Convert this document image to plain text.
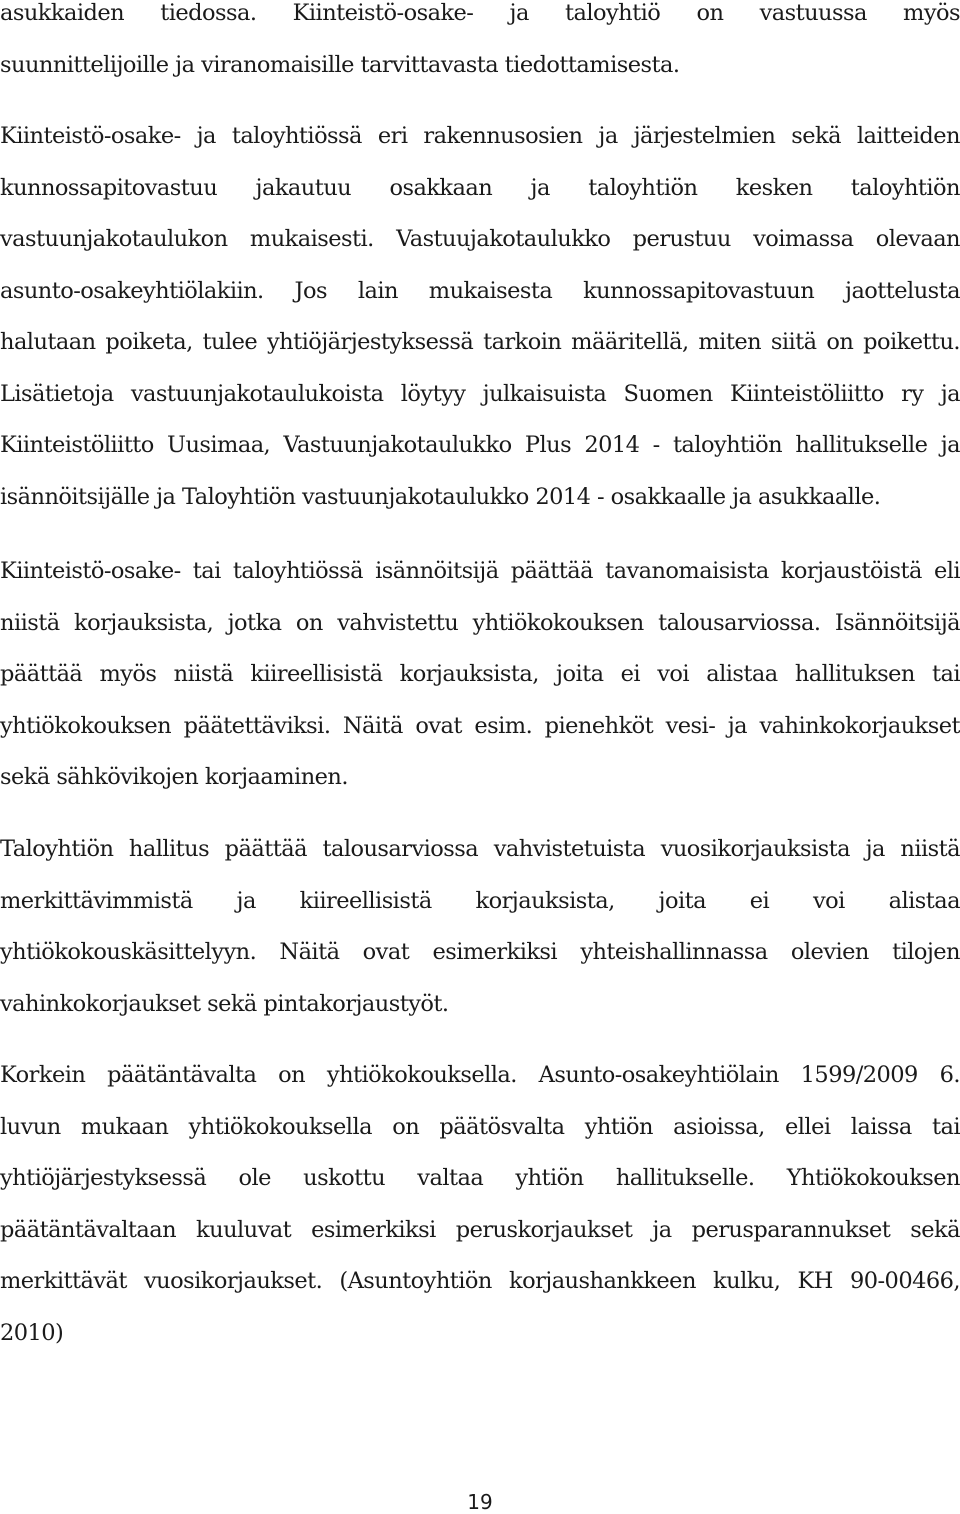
asukkaiden tiedossa. Kiinteistö-osake- ja taloyhtiö on vastuussa myös
suunnittelijoille ja viranomaisille tarvittavasta tiedottamisesta.
Kiinteistö-osake- ja taloyhtiössä eri rakennusosien ja järjestelmien sekä laitteiden
kunnossapitovastuu jakautuu osakkaan ja taloyhtiön kesken taloyhtiön
vastuunjakotaulukon mukaisesti. Vastuujakotaulukko perustuu voimassa olevaan
asunto-osakeyhtiölakiin. Jos lain mukaisesta kunnossapitovastuun jaottelusta
halutaan poiketa, tulee yhtiöjärjestyksessä tarkoin määritellä, miten siitä on poikettu.
Lisätietoja vastuunjakotaulukoista löytyy julkaisuista Suomen Kiinteistöliitto ry ja
Kiinteistöliitto Uusimaa, Vastuunjakotaulukko Plus 2014 - taloyhtiön hallitukselle ja
isännöitsijälle ja Taloyhtiön vastuunjakotaulukko 2014 - osakkaalle ja asukkaalle.
Kiinteistö-osake- tai taloyhtiössä isännöitsijä päättää tavanomaisista korjaustöistä eli
niistä korjauksista, jotka on vahvistettu yhtiökokouksen talousarviossa. Isännöitsijä
päättää myös niistä kiireellisistä korjauksista, joita ei voi alistaa hallituksen tai
yhtiökokouksen päätettäviksi. Näitä ovat esim. pienehköt vesi- ja vahinkokorjaukset
sekä sähkövikojen korjaaminen.
Taloyhtiön hallitus päättää talousarviossa vahvistetuista vuosikorjauksista ja niistä
merkittävimmistä ja kiireellisistä korjauksista, joita ei voi alistaa
yhtiökokouskäsittelyyn. Näitä ovat esimerkiksi yhteishallinnassa olevien tilojen
vahinkokorjaukset sekä pintakorjaustyöt.
Korkein päätäntävalta on yhtiökokouksella. Asunto-osakeyhtiölain 1599/2009 6.
luvun mukaan yhtiökokouksella on päätösvalta yhtiön asioissa, ellei laissa tai
yhtiöjärjestyksessä ole uskottu valtaa yhtiön hallitukselle. Yhtiökokouksen
päätäntävaltaan kuuluvat esimerkiksi peruskorjaukset ja perusparannukset sekä
merkittävät vuosikorjaukset. (Asuntoyhtiön korjaushankkeen kulku, KH 90-00466,
2010)
19
